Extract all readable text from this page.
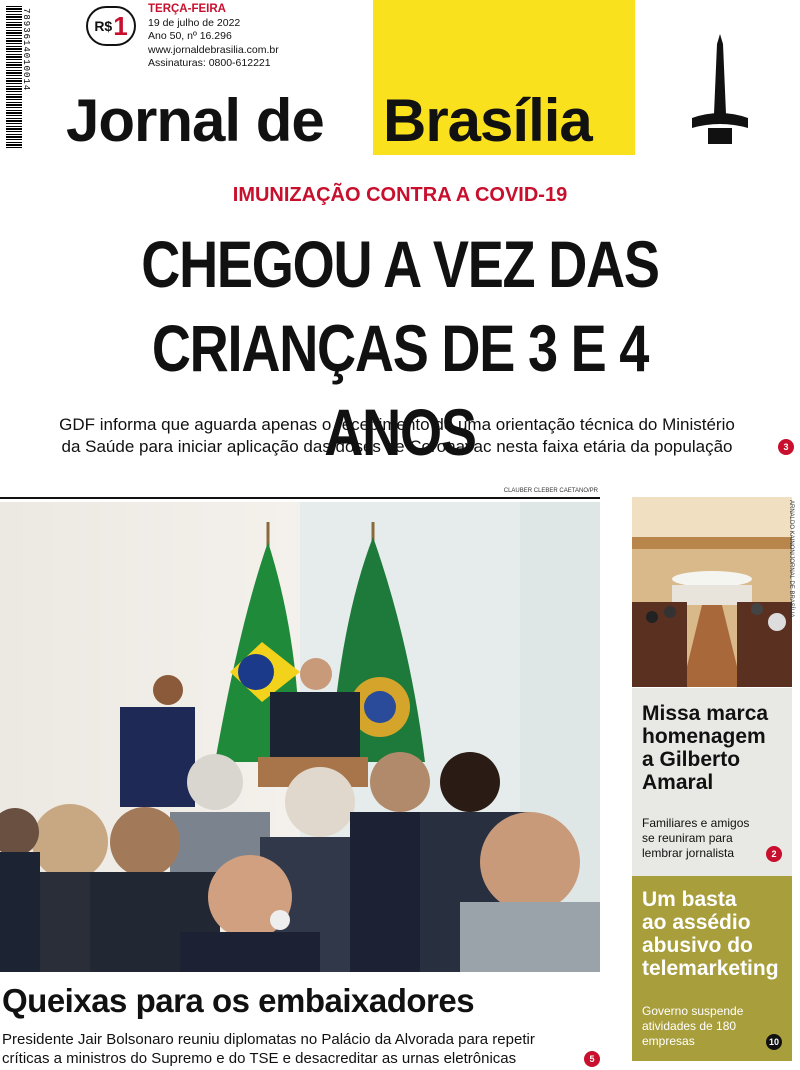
7893614010014	R$ 1
TERÇA-FEIRA
19 de julho de 2022
Ano 50, nº 16.296
www.jornaldebrasilia.com.br
Assinaturas: 0800-612221
Jornal de Brasília
IMUNIZAÇÃO CONTRA A COVID-19
CHEGOU A VEZ DAS
CRIANÇAS DE 3 E 4 ANOS
GDF informa que aguarda apenas o recebimento de uma orientação técnica do Ministério
da Saúde para iniciar aplicação das doses de Coronavac nesta faixa etária da população	3
CLAUBER CLEBER CAETANO/PR
Queixas para os embaixadores
Presidente Jair Bolsonaro reuniu diplomatas no Palácio da Alvorada para repetir
críticas a ministros do Supremo e do TSE e desacreditar as urnas eletrônicas	5
ARNALDO KAINON/JORNAL DE BRASÍLIA
Missa marca
homenagem
a Gilberto
Amaral
Familiares e amigos
se reuniram para
lembrar jornalista	2
Um basta
ao assédio
abusivo do
telemarketing
Governo suspende
atividades de 180
empresas	10
